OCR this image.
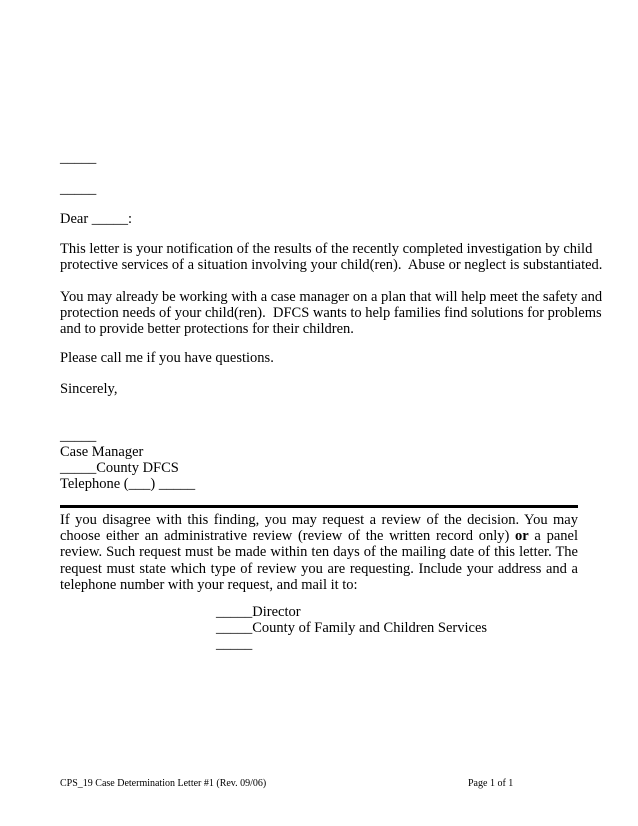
_____
_____
Dear _____:
This letter is your notification of the results of the recently completed investigation by child
protective services of a situation involving your child(ren).  Abuse or neglect is substantiated.
You may already be working with a case manager on a plan that will help meet the safety and
protection needs of your child(ren).  DFCS wants to help families find solutions for problems
and to provide better protections for their children.
Please call me if you have questions.
Sincerely,
_____
Case Manager
_____County DFCS
Telephone (___) _____

If you disagree with this finding, you may request a review of the decision. You may choose either an administrative review (review of the written record only) or a panel review. Such request must be made within ten days of the mailing date of this letter. The request must state which type of review you are requesting. Include your address and a telephone number with your request, and mail it to:

_____Director
_____County of Family and Children Services
_____
CPS_19 Case Determination Letter #1 (Rev. 09/06)	Page 1 of 1
